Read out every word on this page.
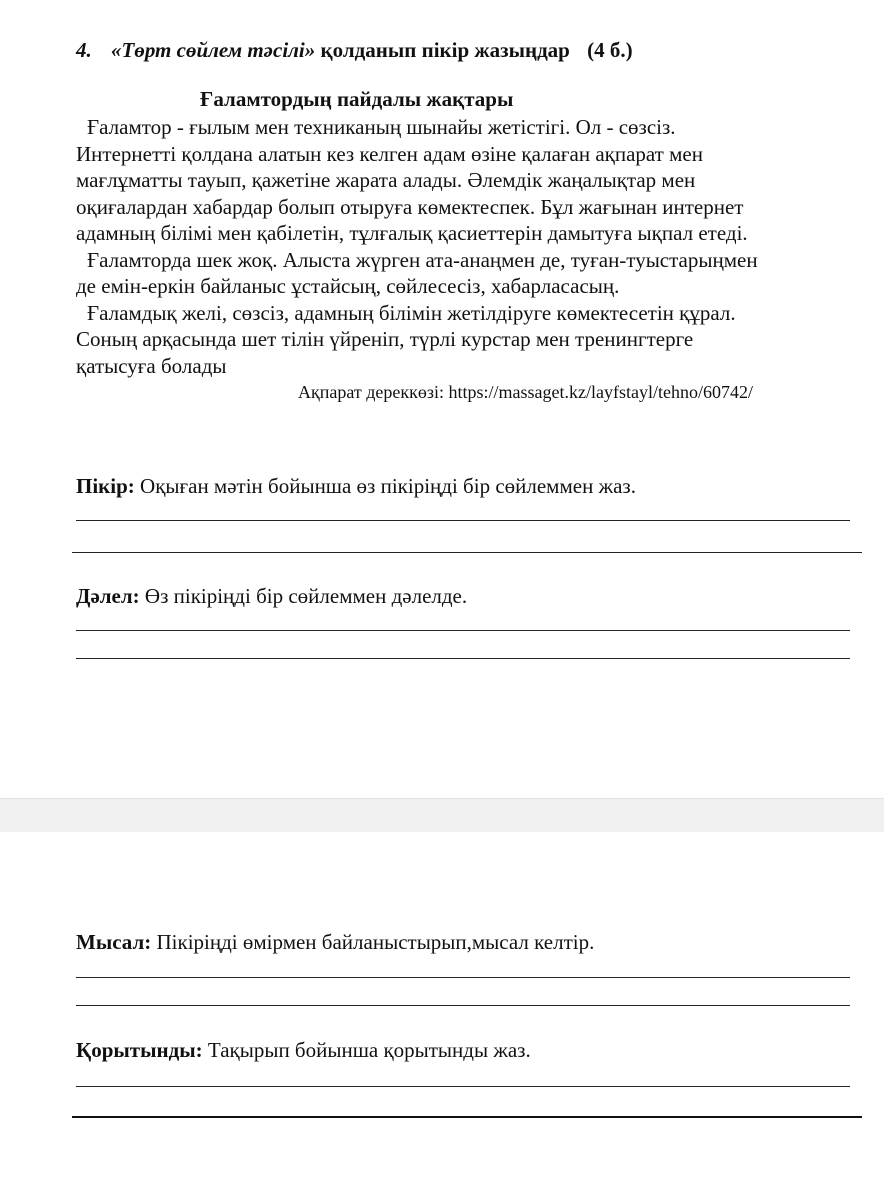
4. «Төрт сөйлем тәсілі» қолданып пікір жазыңдар (4 б.)
Ғаламтордың пайдалы жақтары
Ғаламтор - ғылым мен техниканың шынайы жетістігі. Ол - сөзсіз.
Интернетті қолдана алатын кез келген адам өзіне қалаған ақпарат мен
мағлұматты тауып, қажетіне жарата алады. Әлемдік жаңалықтар мен
оқиғалардан хабардар болып отыруға көмектеспек. Бұл жағынан интернет
адамның білімі мен қабілетін, тұлғалық қасиеттерін дамытуға ықпал етеді.
Ғаламторда шек жоқ. Алыста жүрген ата-анаңмен де, туған-туыстарыңмен
де емін-еркін байланыс ұстайсың, сөйлесесіз, хабарласасың.
Ғаламдық желі, сөзсіз, адамның білімін жетілдіруге көмектесетін құрал.
Соның арқасында шет тілін үйреніп, түрлі курстар мен тренингтерге
қатысуға болады
Ақпарат дереккөзі: https://massaget.kz/layfstayl/tehno/60742/
Пікір: Оқыған мәтін бойынша өз пікіріңді бір сөйлеммен жаз.
Дәлел: Өз пікіріңді бір сөйлеммен дәлелде.
Мысал: Пікіріңді өмірмен байланыстырып,мысал келтір.
Қорытынды: Тақырып бойынша қорытынды жаз.
